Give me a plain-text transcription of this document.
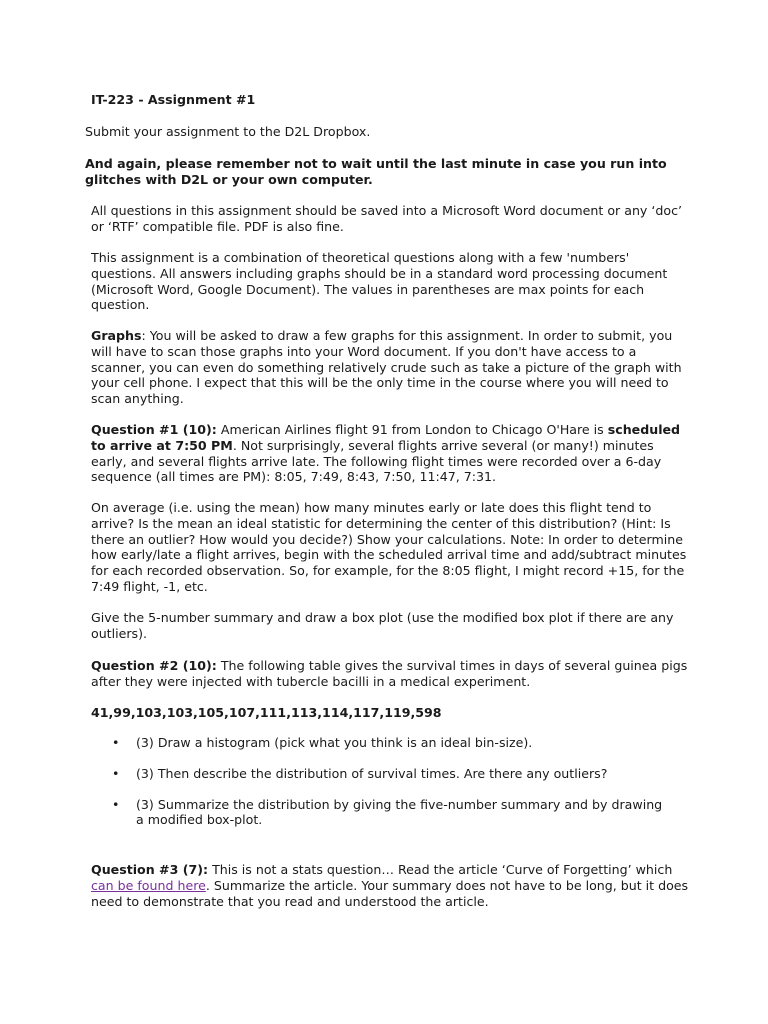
IT-223 - Assignment #1
Submit your assignment to the D2L Dropbox.
And again, please remember not to wait until the last minute in case you run into glitches with D2L or your own computer.

All questions in this assignment should be saved into a Microsoft Word document or any ‘doc’ or ‘RTF’ compatible file. PDF is also fine.

This assignment is a combination of theoretical questions along with a few 'numbers' questions. All answers including graphs should be in a standard word processing document (Microsoft Word, Google Document). The values in parentheses are max points for each question.

Graphs: You will be asked to draw a few graphs for this assignment. In order to submit, you will have to scan those graphs into your Word document. If you don't have access to a scanner, you can even do something relatively crude such as take a picture of the graph with your cell phone. I expect that this will be the only time in the course where you will need to scan anything.

Question #1 (10): American Airlines flight 91 from London to Chicago O'Hare is scheduled to arrive at 7:50 PM. Not surprisingly, several flights arrive several (or many!) minutes early, and several flights arrive late. The following flight times were recorded over a 6-day sequence (all times are PM): 8:05, 7:49, 8:43, 7:50, 11:47, 7:31.

On average (i.e. using the mean) how many minutes early or late does this flight tend to arrive? Is the mean an ideal statistic for determining the center of this distribution? (Hint: Is there an outlier? How would you decide?) Show your calculations. Note: In order to determine how early/late a flight arrives, begin with the scheduled arrival time and add/subtract minutes for each recorded observation. So, for example, for the 8:05 flight, I might record +15, for the 7:49 flight, -1, etc.

Give the 5-number summary and draw a box plot (use the modified box plot if there are any outliers).

Question #2 (10): The following table gives the survival times in days of several guinea pigs after they were injected with tubercle bacilli in a medical experiment.

41,99,103,103,105,107,111,113,114,117,119,598
• (3) Draw a histogram (pick what you think is an ideal bin-size).
• (3) Then describe the distribution of survival times. Are there any outliers?
• (3) Summarize the distribution by giving the five-number summary and by drawing a modified box-plot.

Question #3 (7): This is not a stats question… Read the article ‘Curve of Forgetting’ which can be found here. Summarize the article. Your summary does not have to be long, but it does need to demonstrate that you read and understood the article.
